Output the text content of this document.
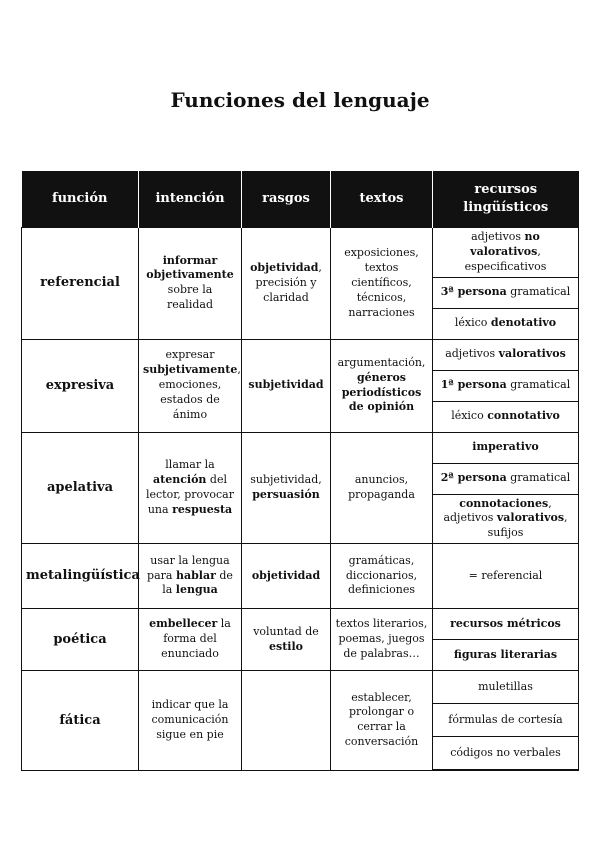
Funciones del lenguaje
función	intención	rasgos	textos	recursos lingüísticos
referencial	informar objetivamente sobre la realidad	objetividad, precisión y claridad	exposiciones, textos científicos, técnicos, narraciones	adjetivos no valorativos, especificativos
				3ª persona gramatical
				léxico denotativo
expresiva	expresar subjetivamente, emociones, estados de ánimo	subjetividad	argumentación, géneros periodísticos de opinión	adjetivos valorativos
				1ª persona gramatical
				léxico connotativo
apelativa	llamar la atención del lector, provocar una respuesta	subjetividad, persuasión	anuncios, propaganda	imperativo
				2ª persona gramatical
				connotaciones, adjetivos valorativos, sufijos
metalingüística	usar la lengua para hablar de la lengua	objetividad	gramáticas, diccionarios, definiciones	= referencial
poética	embellecer la forma del enunciado	voluntad de estilo	textos literarios, poemas, juegos de palabras…	recursos métricos
				figuras literarias
fática	indicar que la comunicación sigue en pie		establecer, prolongar o cerrar la conversación	muletillas
				fórmulas de cortesía
				códigos no verbales
